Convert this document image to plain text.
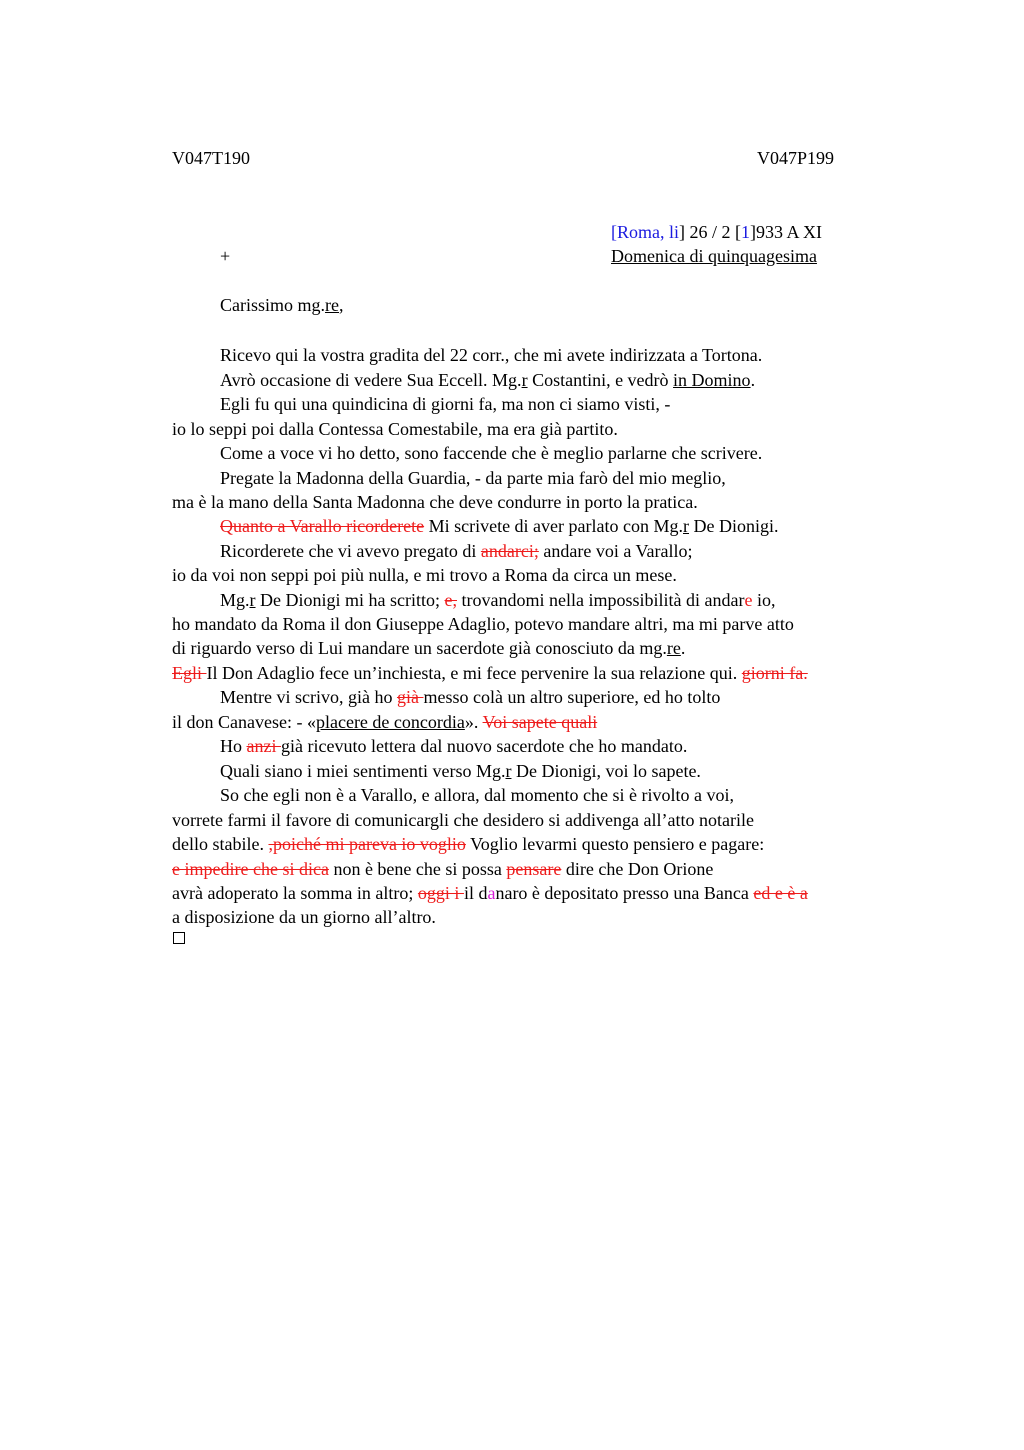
V047T190	V047P199
[Roma, li] 26 / 2 [1]933 A XI
+	Domenica di quinquagesima
Carissimo mg.re,
Ricevo qui la vostra gradita del 22 corr., che mi avete indirizzata a Tortona.
Avrò occasione di vedere Sua Eccell. Mg.r Costantini, e vedrò in Domino.
Egli fu qui una quindicina di giorni fa, ma non ci siamo visti, -
io lo seppi poi dalla Contessa Comestabile, ma era già partito.
Come a voce vi ho detto, sono faccende che è meglio parlarne che scrivere.
Pregate la Madonna della Guardia, - da parte mia farò del mio meglio,
ma è la mano della Santa Madonna che deve condurre in porto la pratica.
Quanto a Varallo ricorderete Mi scrivete di aver parlato con Mg.r De Dionigi.
Ricorderete che vi avevo pregato di andarci; andare voi a Varallo;
io da voi non seppi poi più nulla, e mi trovo a Roma da circa un mese.
Mg.r De Dionigi mi ha scritto; e, trovandomi nella impossibilità di andare io,
ho mandato da Roma il don Giuseppe Adaglio, potevo mandare altri, ma mi parve atto
di riguardo verso di Lui mandare un sacerdote già conosciuto da mg.re.
Egli Il Don Adaglio fece un’inchiesta, e mi fece pervenire la sua relazione qui. giorni fa.
Mentre vi scrivo, già ho già messo colà un altro superiore, ed ho tolto
il don Canavese: - «placere de concordia». Voi sapete quali
Ho anzi già ricevuto lettera dal nuovo sacerdote che ho mandato.
Quali siano i miei sentimenti verso Mg.r De Dionigi, voi lo sapete.
So che egli non è a Varallo, e allora, dal momento che si è rivolto a voi,
vorrete farmi il favore di comunicargli che desidero si addivenga all’atto notarile
dello stabile. ,poiché mi pareva io voglio Voglio levarmi questo pensiero e pagare:
e impedire che si dica non è bene che si possa pensare dire che Don Orione
avrà adoperato la somma in altro; oggi i il danaro è depositato presso una Banca ed e è a
a disposizione da un giorno all’altro.
